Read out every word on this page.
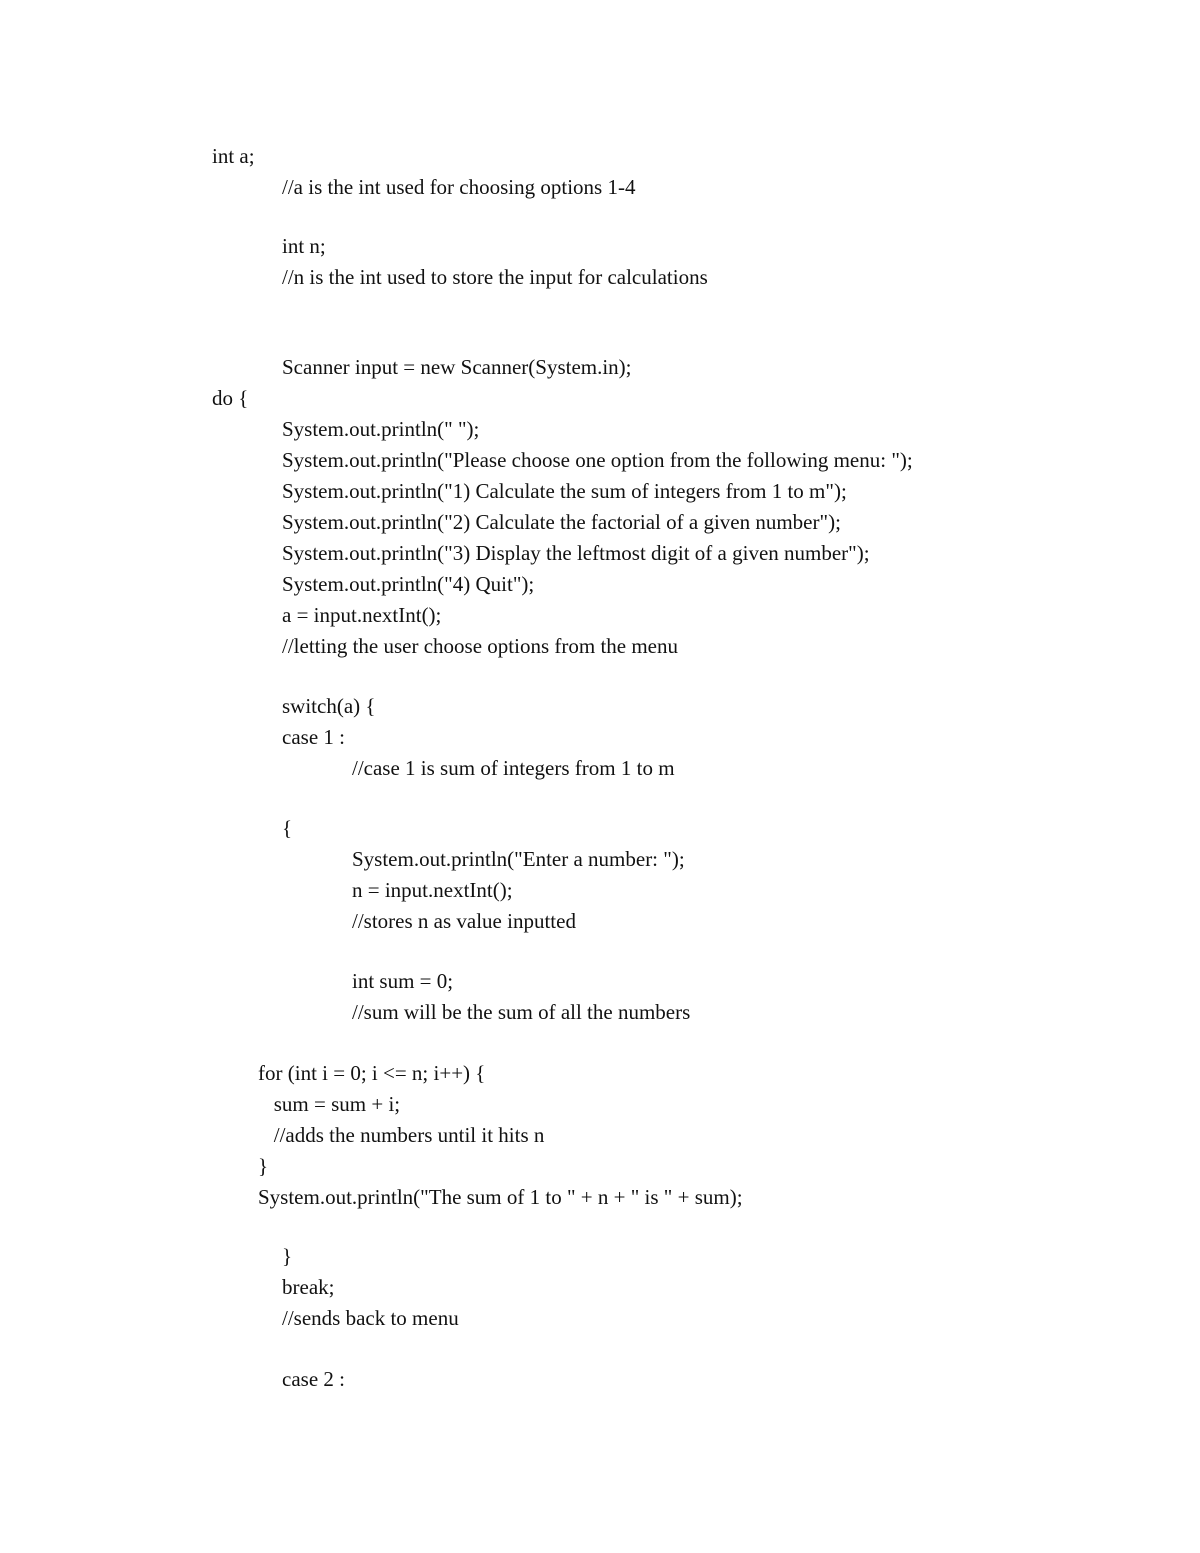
int a;
//a is the int used for choosing options 1-4
int n;
//n is the int used to store the input for calculations
Scanner input = new Scanner(System.in);
do {
System.out.println(" ");
System.out.println("Please choose one option from the following menu: ");
System.out.println("1) Calculate the sum of integers from 1 to m");
System.out.println("2) Calculate the factorial of a given number");
System.out.println("3) Display the leftmost digit of a given number");
System.out.println("4) Quit");
a = input.nextInt();
//letting the user choose options from the menu
switch(a) {
case 1 :
//case 1 is sum of integers from 1 to m
{
System.out.println("Enter a number: ");
n = input.nextInt();
//stores n as value inputted
int sum = 0;
//sum will be the sum of all the numbers
for (int i = 0; i <= n; i++) {
sum = sum + i;
//adds the numbers until it hits n
}
System.out.println("The sum of 1 to " + n + " is " + sum);
}
break;
//sends back to menu
case 2 :
